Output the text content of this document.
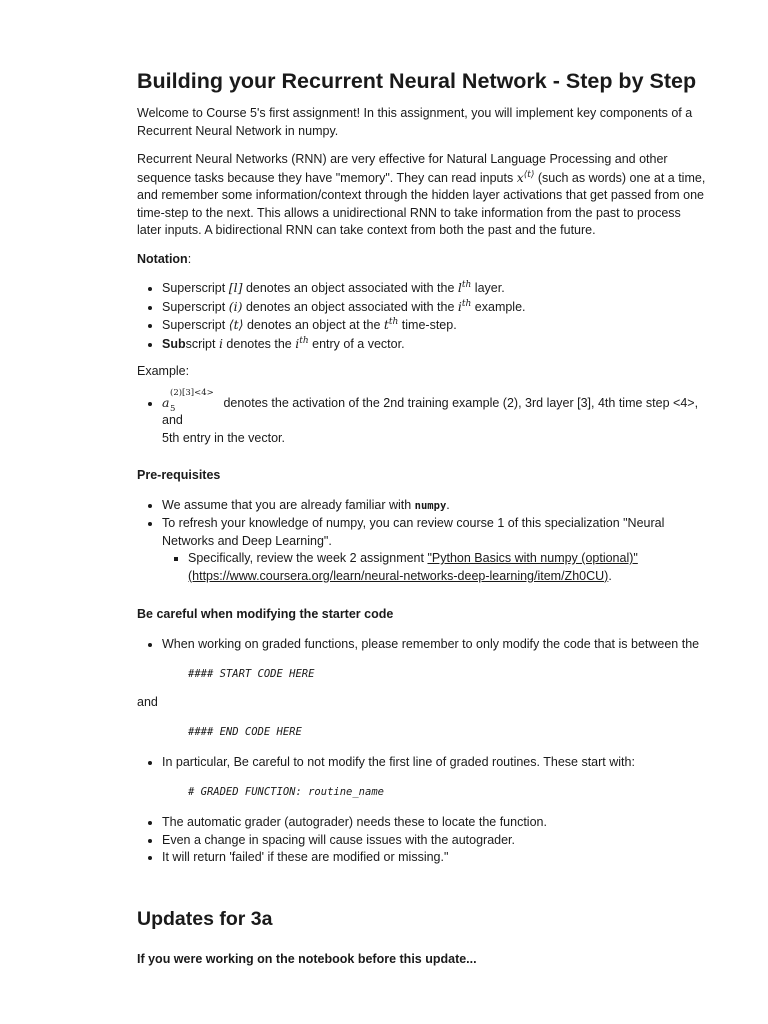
Building your Recurrent Neural Network - Step by Step

Welcome to Course 5's first assignment! In this assignment, you will implement key components of a Recurrent Neural Network in numpy.

Recurrent Neural Networks (RNN) are very effective for Natural Language Processing and other sequence tasks because they have "memory". They can read inputs $x^{⟨t⟩}$ (such as words) one at a time, and remember some information/context through the hidden layer activations that get passed from one time-step to the next. This allows a unidirectional RNN to take information from the past to process later inputs. A bidirectional RNN can take context from both the past and the future.

Notation:

• Superscript [l] denotes an object associated with the $l^{th}$ layer.
• Superscript (i) denotes an object associated with the $i^{th}$ example.
• Superscript ⟨t⟩ denotes an object at the $t^{th}$ time-step.
• Subscript i denotes the $i^{th}$ entry of a vector.

Example:

• a
(2)[3]<4>
5	denotes the activation of the 2nd training example (2), 3rd layer [3], 4th time step <4>, and
5th entry in the vector.

Pre-requisites

• We assume that you are already familiar with numpy.
• To refresh your knowledge of numpy, you can review course 1 of this specialization "Neural Networks and Deep Learning".
▪ Specifically, review the week 2 assignment "Python Basics with numpy (optional)"
(https://www.coursera.org/learn/neural-networks-deep-learning/item/Zh0CU).

Be careful when modifying the starter code

• When working on graded functions, please remember to only modify the code that is between the
#### START CODE HERE

and

#### END CODE HERE
• In particular, Be careful to not modify the first line of graded routines. These start with:
# GRADED FUNCTION: routine_name
• The automatic grader (autograder) needs these to locate the function.
• Even a change in spacing will cause issues with the autograder.
• It will return 'failed' if these are modified or missing."
Updates for 3a

If you were working on the notebook before this update...
